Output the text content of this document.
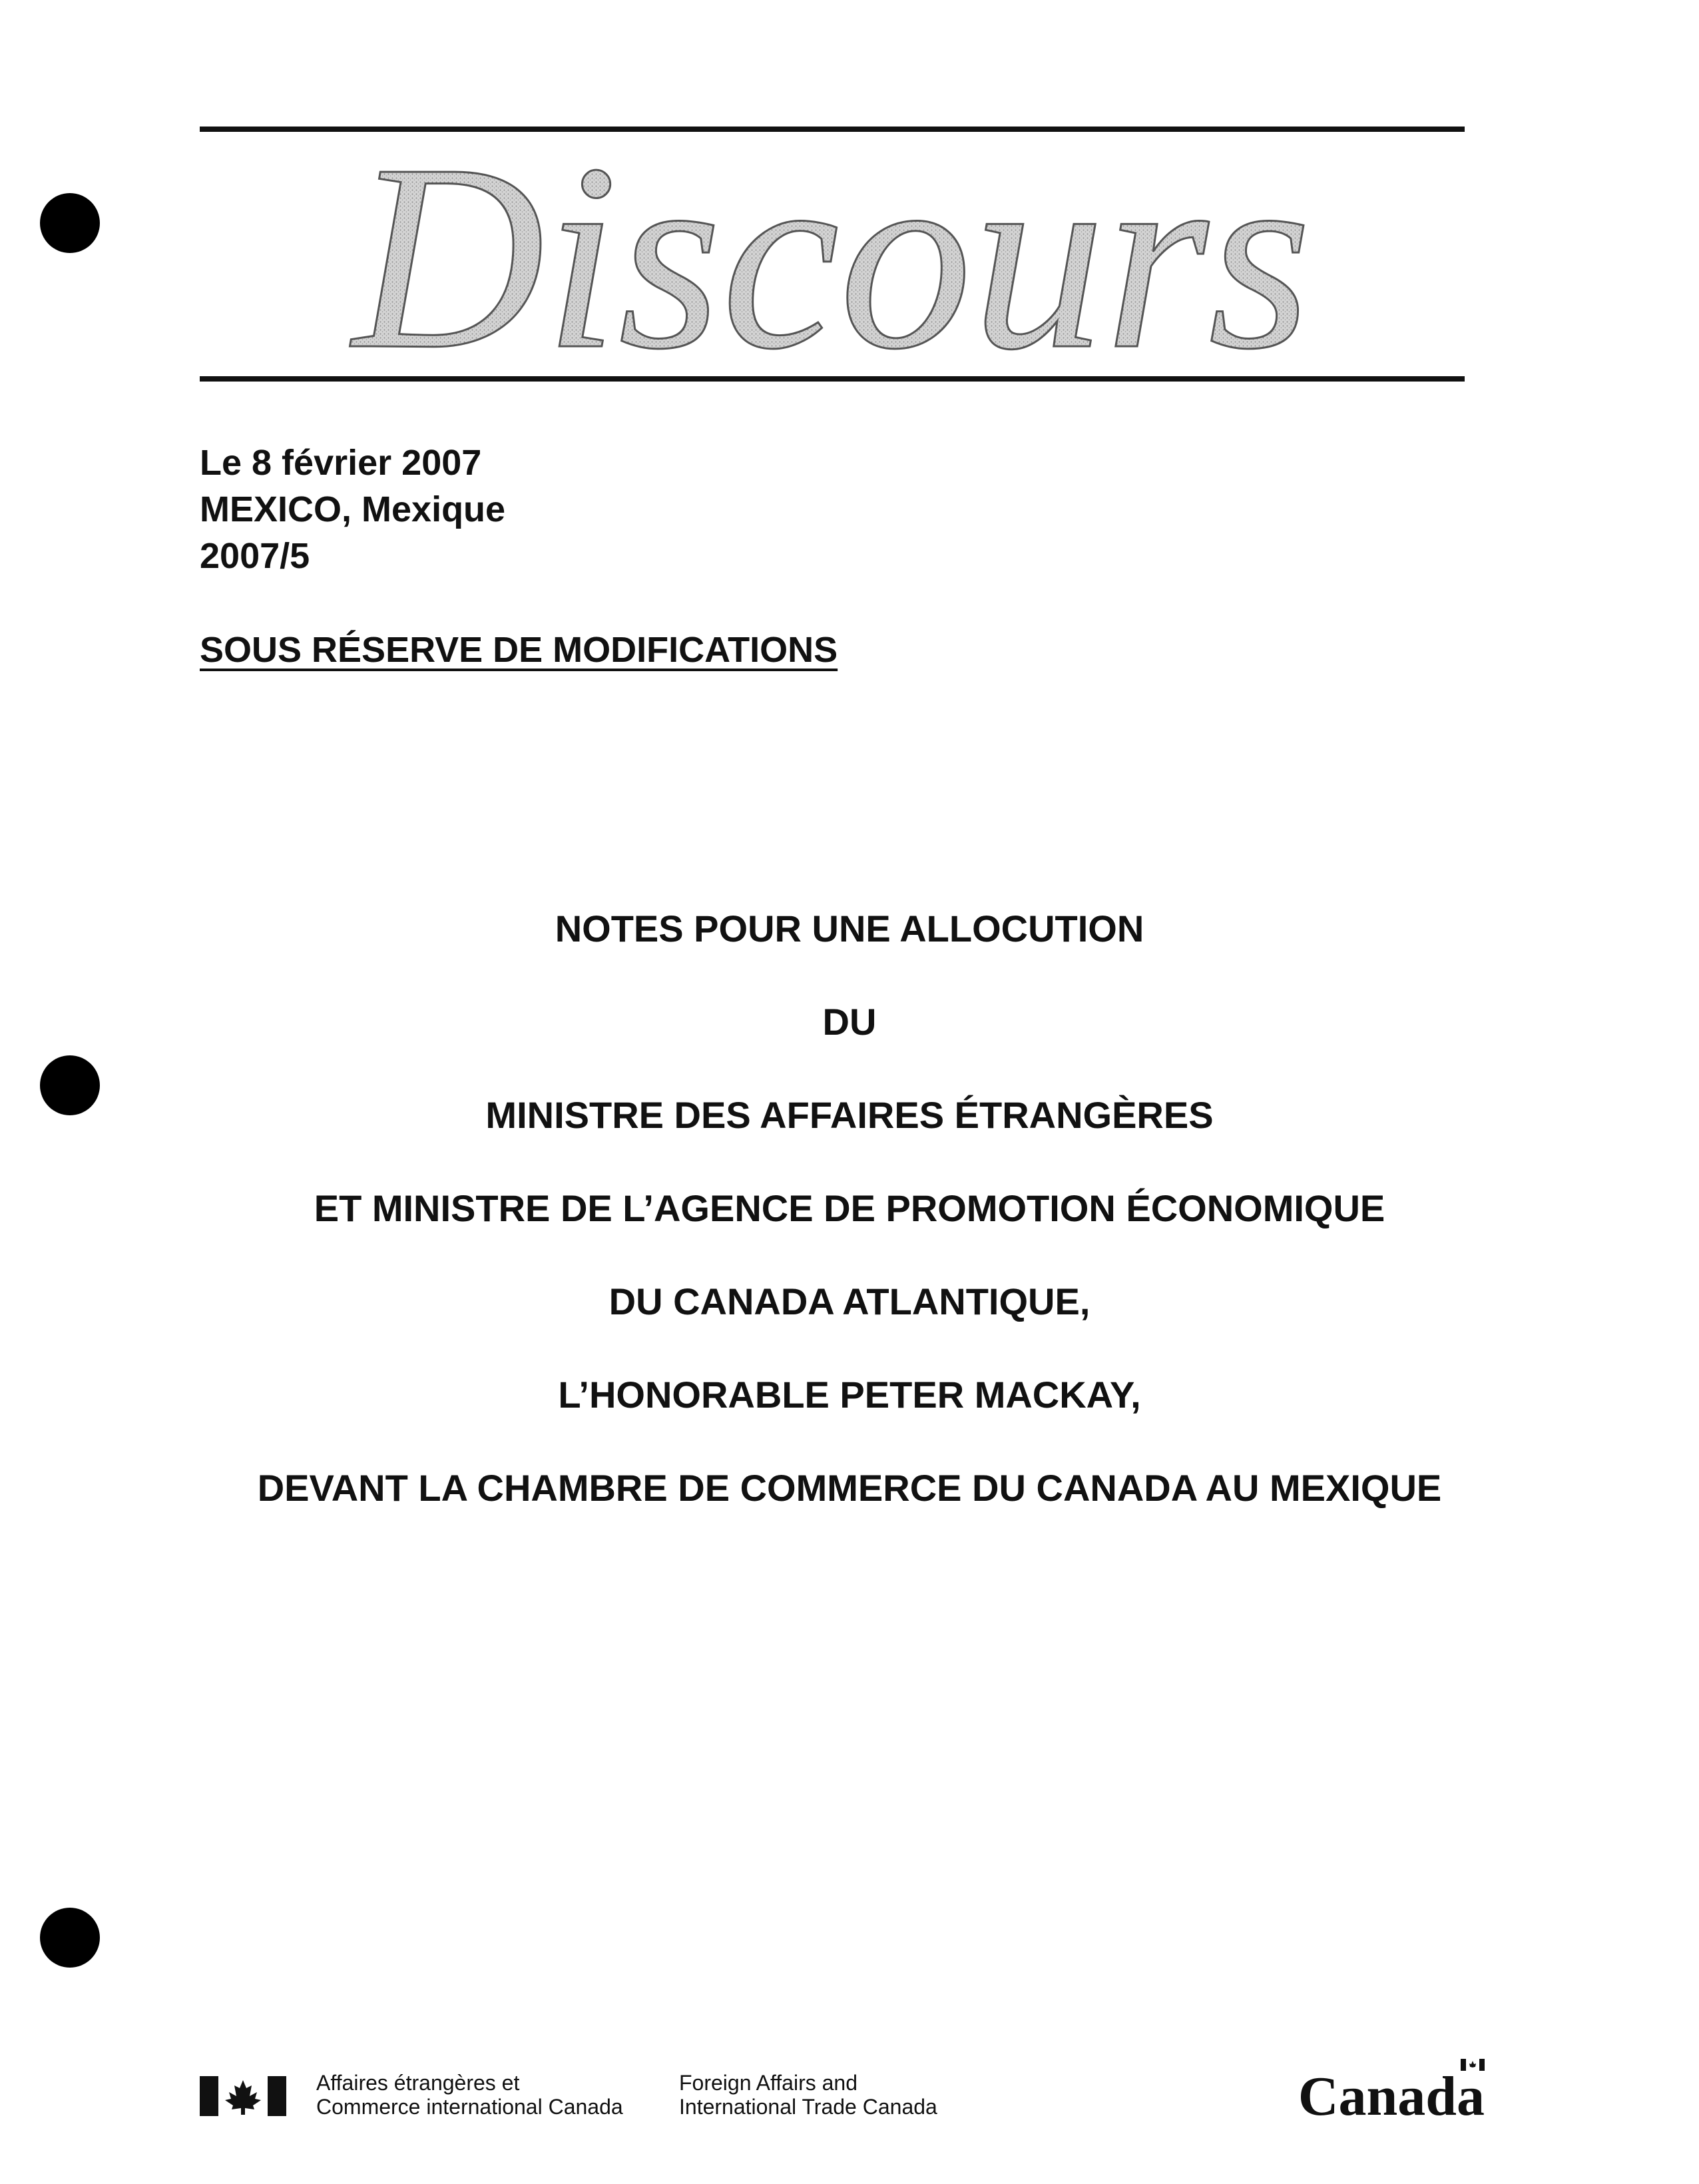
Discours
Le 8 février 2007
MEXICO, Mexique
2007/5
SOUS RÉSERVE DE MODIFICATIONS
NOTES POUR UNE ALLOCUTION
DU
MINISTRE DES AFFAIRES ÉTRANGÈRES
ET MINISTRE DE L’AGENCE DE PROMOTION ÉCONOMIQUE
DU CANADA ATLANTIQUE,
L’HONORABLE PETER MACKAY,
DEVANT LA CHAMBRE DE COMMERCE DU CANADA AU MEXIQUE
Affaires étrangères et
Commerce international Canada
Foreign Affairs and
International Trade Canada	Canada
